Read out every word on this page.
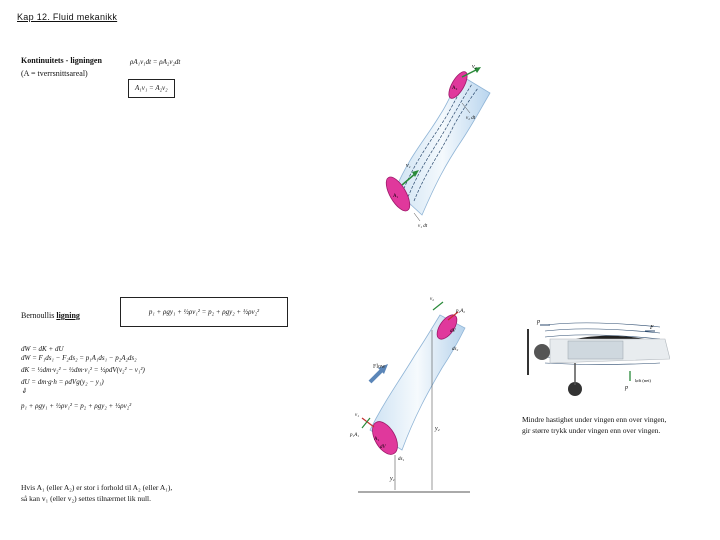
Kap 12. Fluid mekanikk
Kontinuitets - ligningen
(A = tverrsnittsareal)
ρA₁v₁dt = ρA₂v₂dt
A₁v₁ = A₂v₂
v₂
A₂
v₂ dt
v₁
A₁
v₁ dt
Bernoullis ligning	p₁ + ρgy₁ + ½ρv₁² = p₂ + ρgy₂ + ½ρv₂²
dW = dK + dU
dW = F₁ds₁ − F₂ds₂ = p₁A₁ds₁ − p₂A₂ds₂
dK = ½dm·v₂² − ½dm·v₁² = ½ρdV(v₂² − v₁²)
dU = dm·g·h = ρdVg(y₂ − y₁)
⇓
p₁ + ρgy₁ + ½ρv₁² = p₂ + ρgy₂ + ½ρv₂²
Hvis A₁ (eller A₂) er stor i forhold til A₂ (eller A₁),
så kan v₁ (eller v₂) settes tilnærmet lik null.
Flow
v₂
p₂A₂
dV
ds₂
v₁
A₁
p₁A₁
dV
ds₁
y₂
y₁
p
F
p
løft (net)
Mindre hastighet under vingen enn over vingen,
gir større trykk under vingen enn over vingen.
